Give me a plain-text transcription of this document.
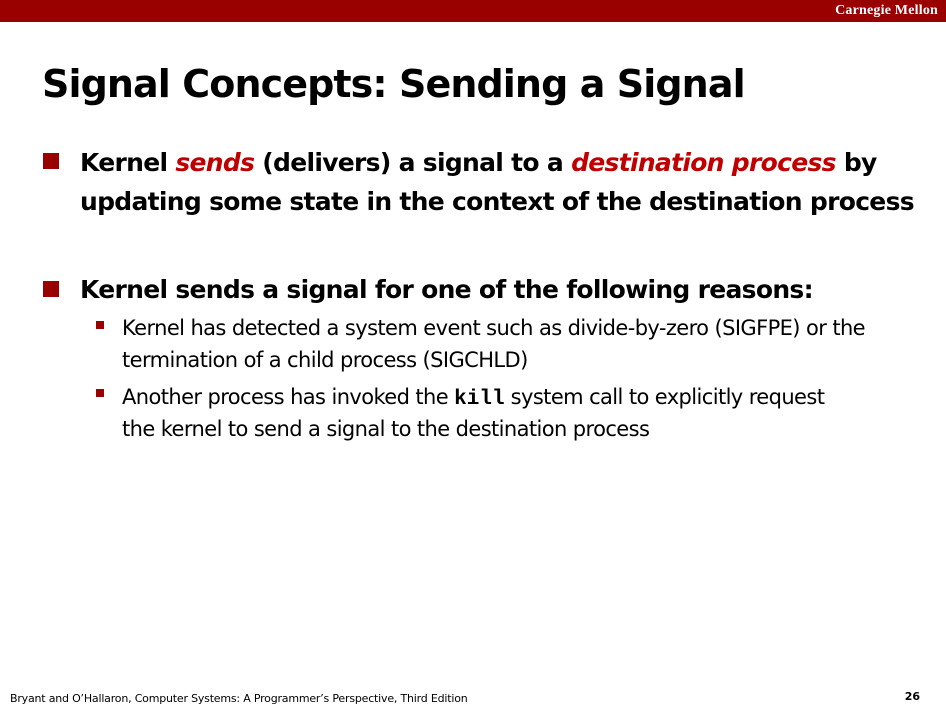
Carnegie Mellon
Signal Concepts: Sending a Signal
Kernel sends (delivers) a signal to a destination process by
updating some state in the context of the destination process
Kernel sends a signal for one of the following reasons:
Kernel has detected a system event such as divide-by-zero (SIGFPE) or the
termination of a child process (SIGCHLD)
Another process has invoked the kill system call to explicitly request
the kernel to send a signal to the destination process
Bryant and O’Hallaron, Computer Systems: A Programmer’s Perspective, Third Edition	26
